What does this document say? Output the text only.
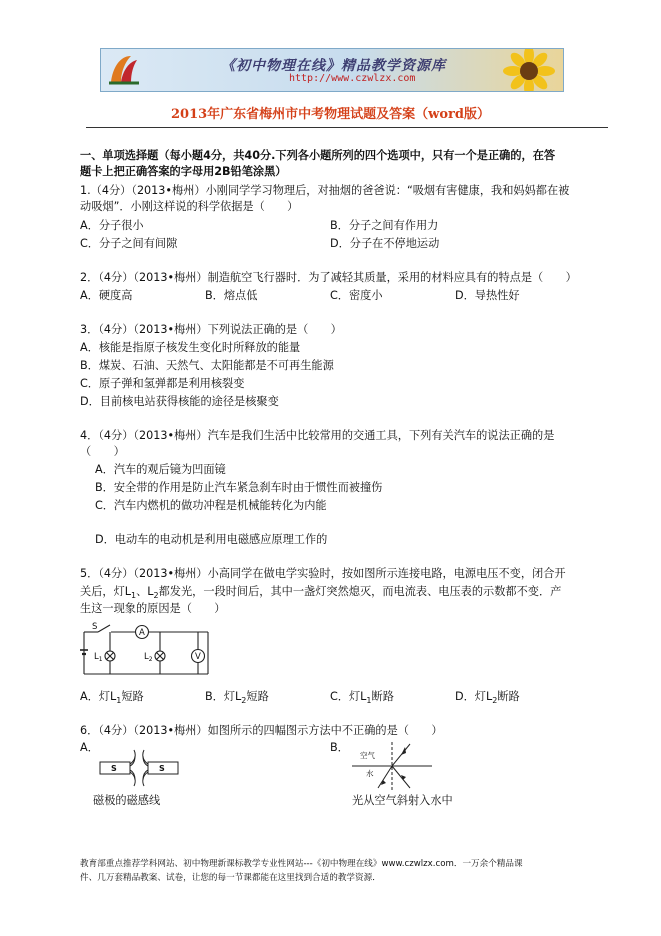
《初中物理在线》精品教学资源库
http://www.czwlzx.com
2013年广东省梅州市中考物理试题及答案（word版）
一、单项选择题（每小题4分，共40分.下列各小题所列的四个选项中，只有一个是正确的，在答
题卡上把正确答案的字母用2B铅笔涂黑）
1.（4分）（2013•梅州）小刚同学学习物理后，对抽烟的爸爸说：“吸烟有害健康，我和妈妈都在被
动吸烟”．小刚这样说的科学依据是（　　）
A．分子很小	B．分子之间有作用力
C．分子之间有间隙	D．分子在不停地运动
2．（4分）（2013•梅州）制造航空飞行器时．为了减轻其质量，采用的材料应具有的特点是（　　）
A．硬度高	B．熔点低	C．密度小	D．导热性好
3．（4分）（2013•梅州）下列说法正确的是（　　）
A．核能是指原子核发生变化时所释放的能量
B．煤炭、石油、天然气、太阳能都是不可再生能源
C．原子弹和氢弹都是利用核裂变
D．目前核电站获得核能的途径是核聚变
4．（4分）（2013•梅州）汽车是我们生活中比较常用的交通工具，下列有关汽车的说法正确的是
（　　）
A．汽车的观后镜为凹面镜
B．安全带的作用是防止汽车紧急刹车时由于惯性而被撞伤
C．汽车内燃机的做功冲程是机械能转化为内能
D．电动车的电动机是利用电磁感应原理工作的
5．（4分）（2013•梅州）小高同学在做电学实验时，按如图所示连接电路，电源电压不变，闭合开
关后，灯$L_1$、$L_2$都发光，一段时间后，其中一盏灯突然熄灭，而电流表、电压表的示数都不变．产
生这一现象的原因是（　　）
S
A
V
$L_1$	$L_2$
A．灯$L_1$短路	B．灯$L_2$短路	C．灯$L_1$断路	D．灯$L_2$断路
6．（4分）（2013•梅州）如图所示的四幅图示方法中不正确的是（　　）
A．	B．
S	S
磁极的磁感线
空气
水
光从空气斜射入水中
教育部重点推荐学科网站、初中物理新课标教学专业性网站---《初中物理在线》www.czwlzx.com．一万余个精品课
件、几万套精品教案、试卷，让您的每一节课都能在这里找到合适的教学资源．
